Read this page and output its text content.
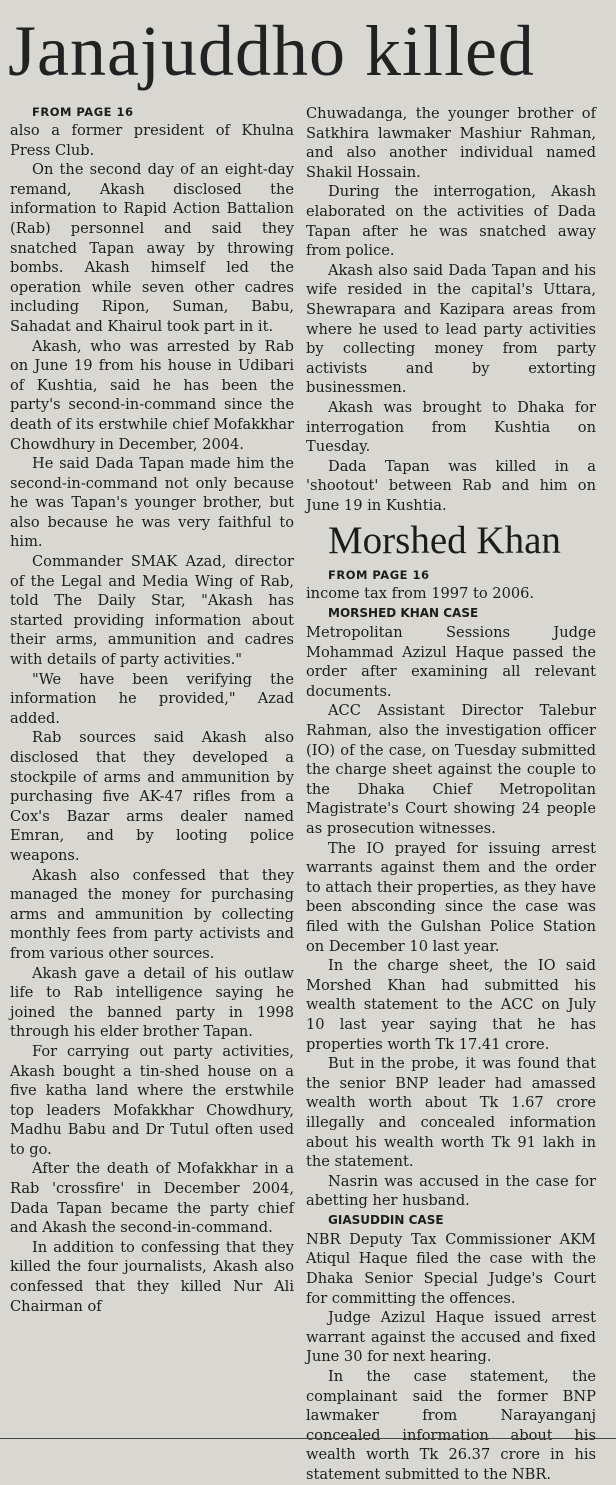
Janajuddho killed

FROM PAGE 16

also a former president of Khulna Press Club.

On the second day of an eight-day remand, Akash disclosed the information to Rapid Action Battalion (Rab) personnel and said they snatched Tapan away by throwing bombs. Akash himself led the operation while seven other cadres including Ripon, Suman, Babu, Sahadat and Khairul took part in it.

Akash, who was arrested by Rab on June 19 from his house in Udibari of Kushtia, said he has been the party's second-in-command since the death of its erstwhile chief Mofakkhar Chowdhury in December, 2004.

He said Dada Tapan made him the second-in-command not only because he was Tapan's younger brother, but also because he was very faithful to him.

Commander SMAK Azad, director of the Legal and Media Wing of Rab, told The Daily Star, "Akash has started providing information about their arms, ammunition and cadres with details of party activities."

"We have been verifying the information he provided," Azad added.

Rab sources said Akash also disclosed that they developed a stockpile of arms and ammunition by purchasing five AK-47 rifles from a Cox's Bazar arms dealer named Emran, and by looting police weapons.

Akash also confessed that they managed the money for purchasing arms and ammunition by collecting monthly fees from party activists and from various other sources.

Akash gave a detail of his outlaw life to Rab intelligence saying he joined the banned party in 1998 through his elder brother Tapan.

For carrying out party activities, Akash bought a tin-shed house on a five katha land where the erstwhile top leaders Mofakkhar Chowdhury, Madhu Babu and Dr Tutul often used to go.

After the death of Mofakkhar in a Rab 'crossfire' in December 2004, Dada Tapan became the party chief and Akash the second-in-command.

In addition to confessing that they killed the four journalists, Akash also confessed that they killed Nur Ali Chairman of

Chuwadanga, the younger brother of Satkhira lawmaker Mashiur Rahman, and also another individual named Shakil Hossain.

During the interrogation, Akash elaborated on the activities of Dada Tapan after he was snatched away from police.

Akash also said Dada Tapan and his wife resided in the capital's Uttara, Shewrapara and Kazipara areas from where he used to lead party activities by collecting money from party activists and by extorting businessmen.

Akash was brought to Dhaka for interrogation from Kushtia on Tuesday.

Dada Tapan was killed in a 'shootout' between Rab and him on June 19 in Kushtia.

Morshed Khan

FROM PAGE 16

income tax from 1997 to 2006.

MORSHED KHAN CASE

Metropolitan Sessions Judge Mohammad Azizul Haque passed the order after examining all relevant documents.

ACC Assistant Director Talebur Rahman, also the investigation officer (IO) of the case, on Tuesday submitted the charge sheet against the couple to the Dhaka Chief Metropolitan Magistrate's Court showing 24 people as prosecution witnesses.

The IO prayed for issuing arrest warrants against them and the order to attach their properties, as they have been absconding since the case was filed with the Gulshan Police Station on December 10 last year.

In the charge sheet, the IO said Morshed Khan had submitted his wealth statement to the ACC on July 10 last year saying that he has properties worth Tk 17.41 crore.

But in the probe, it was found that the senior BNP leader had amassed wealth worth about Tk 1.67 crore illegally and concealed information about his wealth worth Tk 91 lakh in the statement.

Nasrin was accused in the case for abetting her husband.

GIASUDDIN CASE

NBR Deputy Tax Commissioner AKM Atiqul Haque filed the case with the Dhaka Senior Special Judge's Court for committing the offences.

Judge Azizul Haque issued arrest warrant against the accused and fixed June 30 for next hearing.

In the case statement, the complainant said the former BNP lawmaker from Narayanganj concealed information about his wealth worth Tk 26.37 crore in his statement submitted to the NBR.
